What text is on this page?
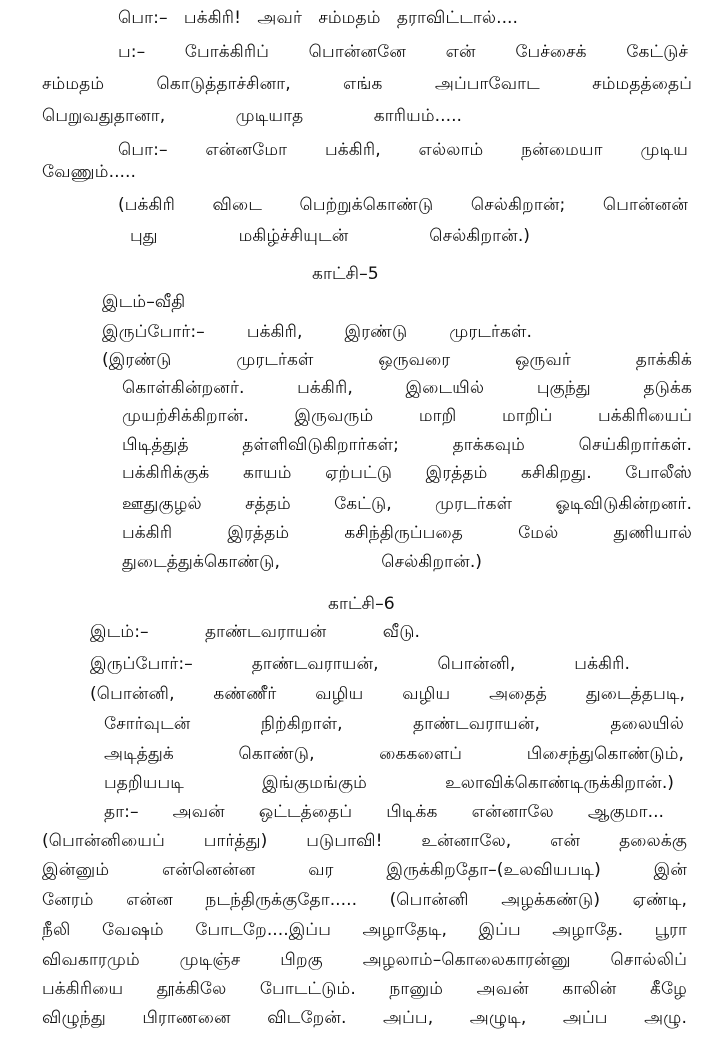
பொ:– பக்கிரி! அவர் சம்மதம் தராவிட்டால்....
ப:– போக்கிரிப் பொன்னனே என் பேச்சைக் கேட்டுச்
சம்மதம் கொடுத்தாச்சினா, எங்க அப்பாவோட சம்மதத்தைப்
பெறுவதுதானா, முடியாத காரியம்.....
பொ:– என்னமோ பக்கிரி, எல்லாம் நன்மையா முடிய
வேணும்.....
(பக்கிரி விடை பெற்றுக்கொண்டு செல்கிறான்; பொன்னன்
புது மகிழ்ச்சியுடன் செல்கிறான்.)
காட்சி–5
இடம்–வீதி
இருப்போர்:– பக்கிரி, இரண்டு முரடர்கள்.
(இரண்டு முரடர்கள் ஒருவரை ஒருவர் தாக்கிக்
கொள்கின்றனர். பக்கிரி, இடையில் புகுந்து தடுக்க
முயற்சிக்கிறான். இருவரும் மாறி மாறிப் பக்கிரியைப்
பிடித்துத் தள்ளிவிடுகிறார்கள்; தாக்கவும் செய்கிறார்கள்.
பக்கிரிக்குக் காயம் ஏற்பட்டு இரத்தம் கசிகிறது. போலீஸ்
ஊதுகுழல் சத்தம் கேட்டு, முரடர்கள் ஓடிவிடுகின்றனர்.
பக்கிரி இரத்தம் கசிந்திருப்பதை மேல் துணியால்
துடைத்துக்கொண்டு, செல்கிறான்.)
காட்சி–6
இடம்:– தாண்டவராயன் வீடு.
இருப்போர்:– தாண்டவராயன், பொன்னி, பக்கிரி.
(பொன்னி, கண்ணீர் வழிய வழிய அதைத் துடைத்தபடி,
சோர்வுடன் நிற்கிறாள், தாண்டவராயன், தலையில்
அடித்துக் கொண்டு, கைகளைப் பிசைந்துகொண்டும்,
பதறியபடி இங்குமங்கும் உலாவிக்கொண்டிருக்கிறான்.)
தா:– அவன் ஒட்டத்தைப் பிடிக்க என்னாலே ஆகுமா...
(பொன்னியைப் பார்த்து) படுபாவி! உன்னாலே, என் தலைக்கு
இன்னும் என்னென்ன வர இருக்கிறதோ–(உலவியபடி) இன்
னேரம் என்ன நடந்திருக்குதோ..... (பொன்னி அழக்கண்டு) ஏண்டி,
நீலி வேஷம் போடறே....இப்ப அழாதேடி, இப்ப அழாதே. பூரா
விவகாரமும் முடிஞ்ச பிறகு அழலாம்–கொலைகாரன்னு சொல்லிப்
பக்கிரியை தூக்கிலே போடட்டும். நானும் அவன் காலின் கீழே
விழுந்து பிராணனை விடறேன். அப்ப, அழுடி, அப்ப அழு.
